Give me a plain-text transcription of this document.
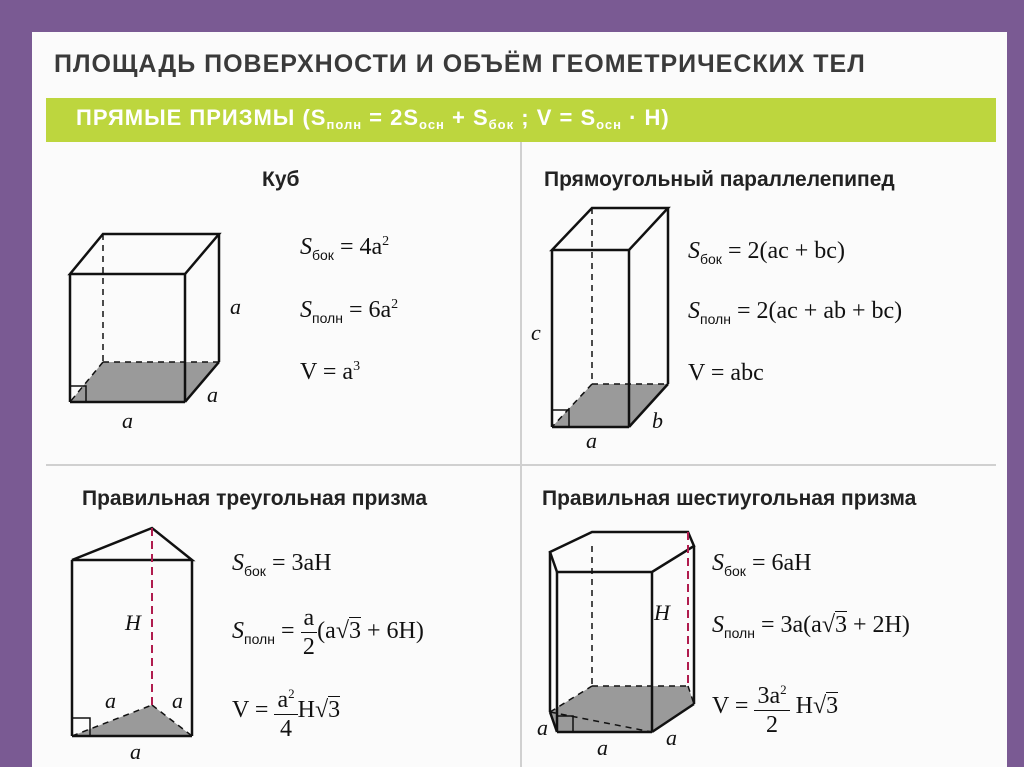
ПЛОЩАДЬ ПОВЕРХНОСТИ И ОБЪЁМ ГЕОМЕТРИЧЕСКИХ ТЕЛ
ПРЯМЫЕ ПРИЗМЫ ($S_{полн} = 2S_{осн} + S_{бок}$ ; $V = S_{осн} \cdot H$)
a
a
a
c
a
b
H
a	a
a
H
a
a	a
Куб
$S_{бок} = 4a^2$
$S_{полн} = 6a^2$
$V = a^3$
Прямоугольный параллелепипед
$S_{бок} = 2(ac + bc)$
$S_{полн} = 2(ac$ + ab + bc)
V = abc
Правильная треугольная призма
$S_{бок} = 3aH$
$S_{полн} = \frac{a}{2} (a√3 + 6H)$
$V = \frac{a^2}{4} H√3$
Правильная шестиугольная призма
$S_{бок} = 6aH$
$S_{полн} = 3a(a√3 + 2H)$
$V = \frac{3a^2}{2} H√3$
